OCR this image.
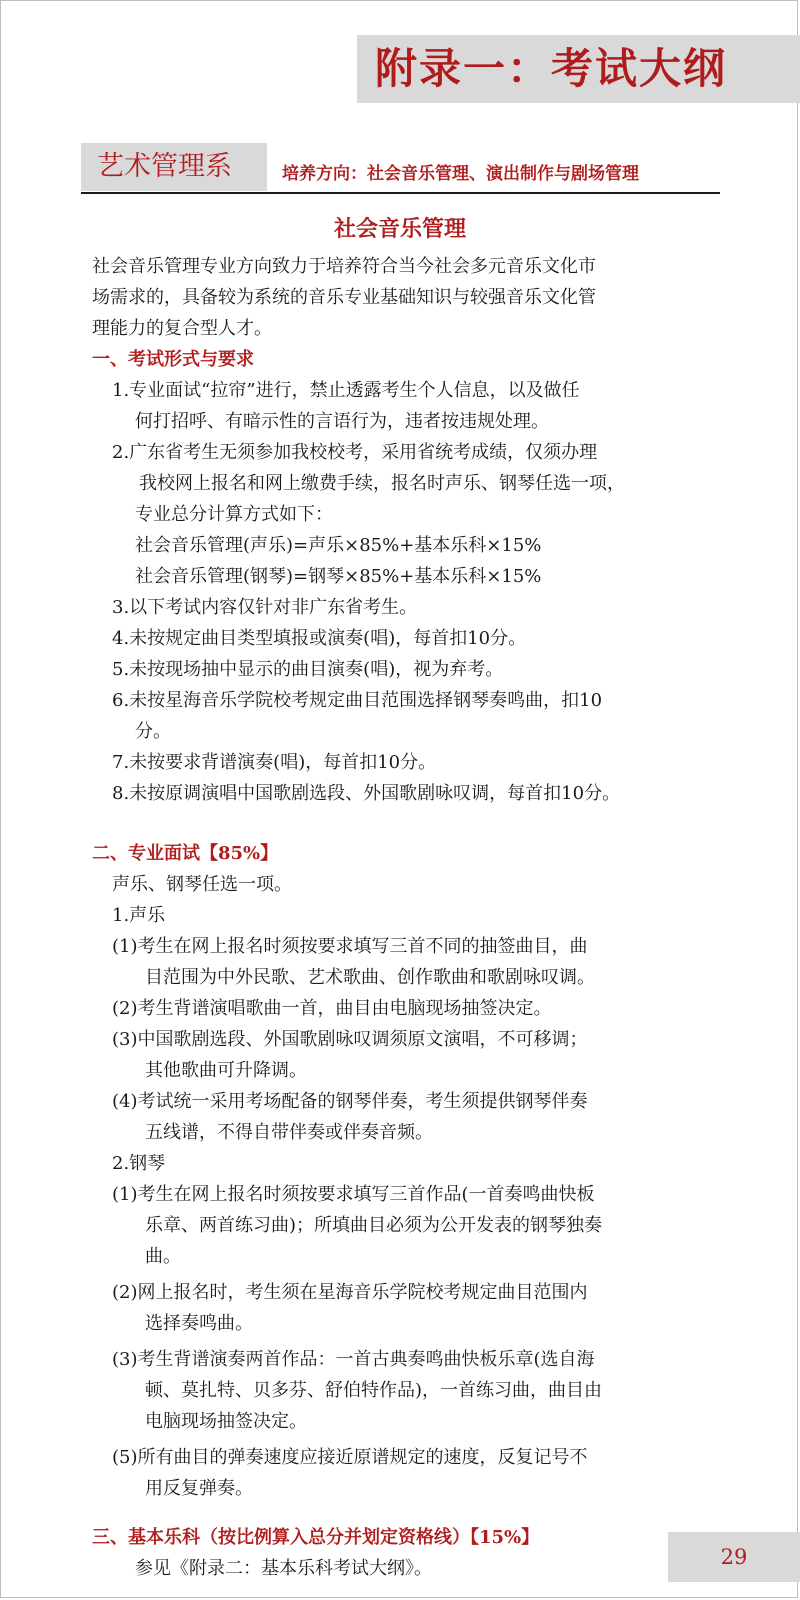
附录一：考试大纲
艺术管理系	培养方向：社会音乐管理、演出制作与剧场管理
社会音乐管理
社会音乐管理专业方向致力于培养符合当今社会多元音乐文化市
场需求的，具备较为系统的音乐专业基础知识与较强音乐文化管
理能力的复合型人才。
一、考试形式与要求
1.专业面试“拉帘”进行，禁止透露考生个人信息，以及做任
何打招呼、有暗示性的言语行为，违者按违规处理。
2.广东省考生无须参加我校校考，采用省统考成绩，仅须办理
我校网上报名和网上缴费手续，报名时声乐、钢琴任选一项，
专业总分计算方式如下：
社会音乐管理(声乐)=声乐×85%+基本乐科×15%
社会音乐管理(钢琴)=钢琴×85%+基本乐科×15%
3.以下考试内容仅针对非广东省考生。
4.未按规定曲目类型填报或演奏(唱)，每首扣10分。
5.未按现场抽中显示的曲目演奏(唱)，视为弃考。
6.未按星海音乐学院校考规定曲目范围选择钢琴奏鸣曲，扣10
分。
7.未按要求背谱演奏(唱)，每首扣10分。
8.未按原调演唱中国歌剧选段、外国歌剧咏叹调，每首扣10分。
二、专业面试【85%】
声乐、钢琴任选一项。
1.声乐
(1)考生在网上报名时须按要求填写三首不同的抽签曲目，曲
目范围为中外民歌、艺术歌曲、创作歌曲和歌剧咏叹调。
(2)考生背谱演唱歌曲一首，曲目由电脑现场抽签决定。
(3)中国歌剧选段、外国歌剧咏叹调须原文演唱，不可移调；
其他歌曲可升降调。
(4)考试统一采用考场配备的钢琴伴奏，考生须提供钢琴伴奏
五线谱，不得自带伴奏或伴奏音频。
2.钢琴
(1)考生在网上报名时须按要求填写三首作品(一首奏鸣曲快板
乐章、两首练习曲)；所填曲目必须为公开发表的钢琴独奏
曲。
(2)网上报名时，考生须在星海音乐学院校考规定曲目范围内
选择奏鸣曲。
(3)考生背谱演奏两首作品：一首古典奏鸣曲快板乐章(选自海
顿、莫扎特、贝多芬、舒伯特作品)，一首练习曲，曲目由
电脑现场抽签决定。
(5)所有曲目的弹奏速度应接近原谱规定的速度，反复记号不
用反复弹奏。
三、基本乐科（按比例算入总分并划定资格线）【15%】
参见《附录二：基本乐科考试大纲》。	29
